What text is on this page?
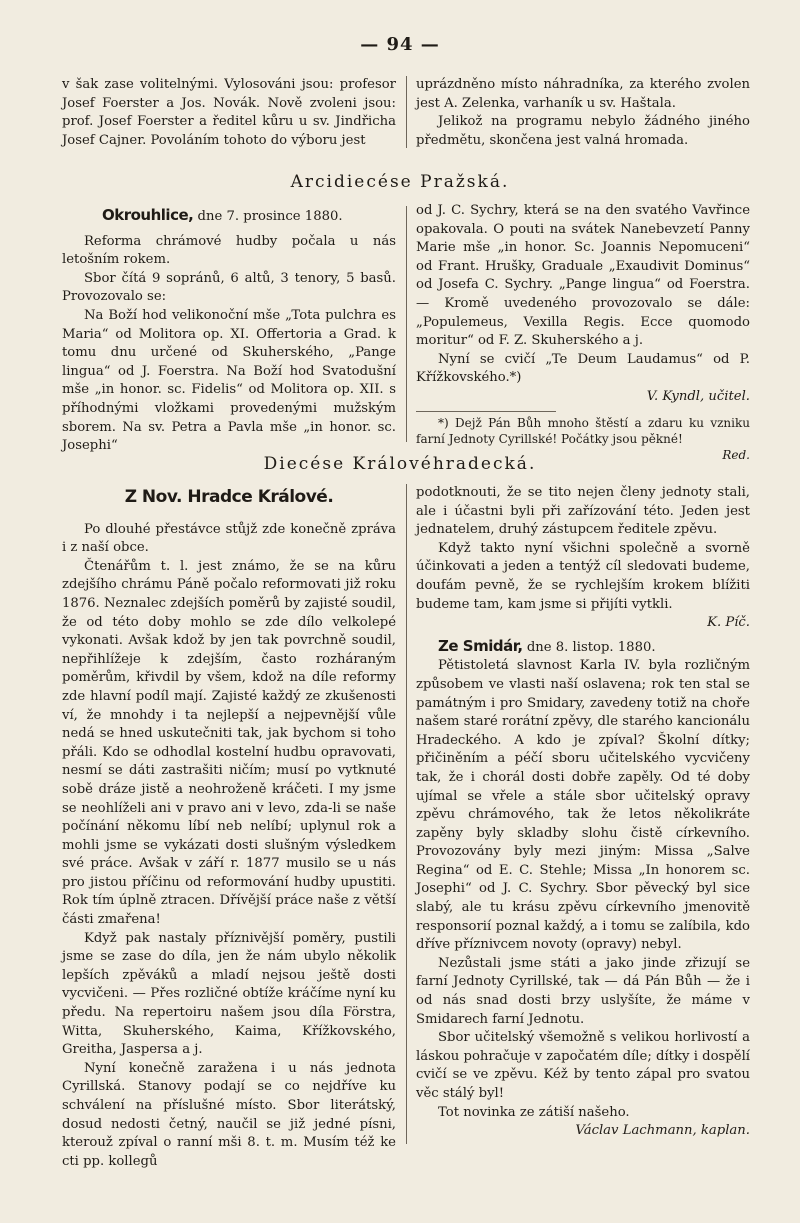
— 94 —

v šak zase volitelnými. Vylosováni jsou: profesor Josef Foerster a Jos. Novák. Nově zvoleni jsou: prof. Josef Foerster a ředitel kůru u sv. Jindřicha Josef Cajner. Povoláním tohoto do výboru jest

uprázdněno místo náhradníka, za kterého zvolen jest A. Zelenka, varhaník u sv. Haštala.

Jelikož na programu nebylo žádného jiného předmětu, skončena jest valná hromada.

Arcidiecése Pražská.

Okrouhlice, dne 7. prosince 1880.

Reforma chrámové hudby počala u nás letošním rokem.

Sbor čítá 9 sopránů, 6 altů, 3 tenory, 5 basů. Provozovalo se:

Na Boží hod velikonoční mše „Tota pulchra es Maria“ od Molitora op. XI. Offertoria a Grad. k tomu dnu určené od Skuherského, „Pange lingua“ od J. Foerstra. Na Boží hod Svatodušní mše „in honor. sc. Fidelis“ od Molitora op. XII. s příhodnými vložkami provedenými mužským sborem. Na sv. Petra a Pavla mše „in honor. sc. Josephi“

od J. C. Sychry, která se na den svatého Vavřince opakovala. O pouti na svátek Nanebevzetí Panny Marie mše „in honor. Sc. Joannis Nepomuceni“ od Frant. Hrušky, Graduale „Exaudivit Dominus“ od Josefa C. Sychry. „Pange lingua“ od Foerstra. — Kromě uvedeného provozovalo se dále: „Populemeus, Vexilla Regis. Ecce quomodo moritur“ od F. Z. Skuherského a j.

Nyní se cvičí „Te Deum Laudamus“ od P. Křížkovského.*)

V. Kyndl, učitel.

*) Dejž Pán Bůh mnoho štěstí a zdaru ku vzniku farní Jednoty Cyrillské! Počátky jsou pěkné!

Red.

Diecése Královéhradecká.
Z Nov. Hradce Králové.

Po dlouhé přestávce stůjž zde konečně zpráva i z naší obce.

Čtenářům t. l. jest známo, že se na kůru zdejšího chrámu Páně počalo reformovati již roku 1876. Neznalec zdejších poměrů by zajisté soudil, že od této doby mohlo se zde dílo velkolepé vykonati. Avšak kdož by jen tak povrchně soudil, nepřihlížeje k zdejším, často rozháraným poměrům, křivdil by všem, kdož na díle reformy zde hlavní podíl mají. Zajisté každý ze zkušenosti ví, že mnohdy i ta nejlepší a nejpevnější vůle nedá se hned uskutečniti tak, jak bychom si toho přáli. Kdo se odhodlal kostelní hudbu opravovati, nesmí se dáti zastrašiti ničím; musí po vytknuté sobě dráze jistě a neohroženě kráčeti. I my jsme se neohlíželi ani v pravo ani v levo, zda-li se naše počínání někomu líbí neb nelíbí; uplynul rok a mohli jsme se vykázati dosti slušným výsledkem své práce. Avšak v září r. 1877 musilo se u nás pro jistou příčinu od reformování hudby upustiti. Rok tím úplně ztracen. Dřívější práce naše z větší části zmařena!

Když pak nastaly příznivější poměry, pustili jsme se zase do díla, jen že nám ubylo několik lepších zpěváků a mladí nejsou ještě dosti vycvičeni. — Přes rozličné obtíže kráčíme nyní ku předu. Na repertoiru našem jsou díla Förstra, Witta, Skuherského, Kaima, Křížkovského, Greitha, Jaspersa a j.

Nyní konečně zaražena i u nás jednota Cyrillská. Stanovy podají se co nejdříve ku schválení na příslušné místo. Sbor literátský, dosud nedosti četný, naučil se již jedné písni, kterouž zpíval o ranní mši 8. t. m. Musím též ke cti pp. kollegů

podotknouti, že se tito nejen členy jednoty stali, ale i účastni byli při zařízování této. Jeden jest jednatelem, druhý zástupcem ředitele zpěvu.

Když takto nyní všichni společně a svorně účinkovati a jeden a tentýž cíl sledovati budeme, doufám pevně, že se rychlejším krokem blížiti budeme tam, kam jsme si přijíti vytkli.

K. Píč.

Ze Smidár, dne 8. listop. 1880.

Pětistoletá slavnost Karla IV. byla rozličným způsobem ve vlasti naší oslavena; rok ten stal se památným i pro Smidary, zavedeny totiž na choře našem staré rorátní zpěvy, dle starého kancionálu Hradeckého. A kdo je zpíval? Školní dítky; přičiněním a péčí sboru učitelského vycvičeny tak, že i chorál dosti dobře zapěly. Od té doby ujímal se vřele a stále sbor učitelský opravy zpěvu chrámového, tak že letos několikráte zapěny byly skladby slohu čistě církevního. Provozovány byly mezi jiným: Missa „Salve Regina“ od E. C. Stehle; Missa „In honorem sc. Josephi“ od J. C. Sychry. Sbor pěvecký byl sice slabý, ale tu krásu zpěvu církevního jmenovitě responsorií poznal každý, a i tomu se zalíbila, kdo dříve příznivcem novoty (opravy) nebyl.

Nezůstali jsme státi a jako jinde zřizují se farní Jednoty Cyrillské, tak — dá Pán Bůh — že i od nás snad dosti brzy uslyšíte, že máme v Smidarech farní Jednotu.

Sbor učitelský všemožně s velikou horlivostí a láskou pohračuje v započatém díle; dítky i dospělí cvičí se ve zpěvu. Kéž by tento zápal pro svatou věc stálý byl!

Tot novinka ze zátiší našeho.

Václav Lachmann, kaplan.
